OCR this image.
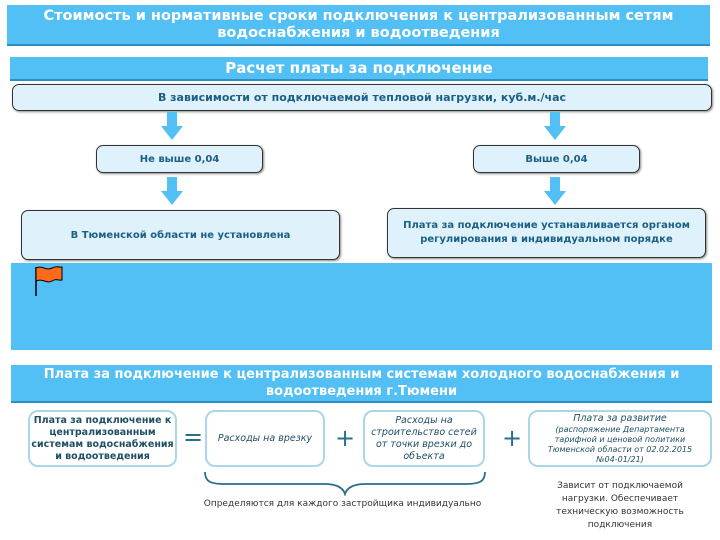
Стоимость и нормативные сроки подключения к централизованным сетям водоснабжения и водоотведения
Расчет платы за подключение
В зависимости от подключаемой тепловой нагрузки, куб.м./час
Не выше 0,04	Выше 0,04
В Тюменской области не установлена
Плата за подключение устанавливается органом регулирования в индивидуальном порядке
Плата за подключение к централизованным системам холодного водоснабжения и водоотведения г.Тюмени
Плата за подключение к централизованным системам водоснабжения и водоотведения
=	Расходы на врезку +
Расходы на строительство сетей от точки врезки до объекта
+
Плата за развитие
(распоряжение Департамента тарифной и ценовой политики Тюменской области от 02.02.2015 №04-01/21)
Определяются для каждого застройщика индивидуально
Зависит от подключаемой нагрузки. Обеспечивает техническую возможность подключения
